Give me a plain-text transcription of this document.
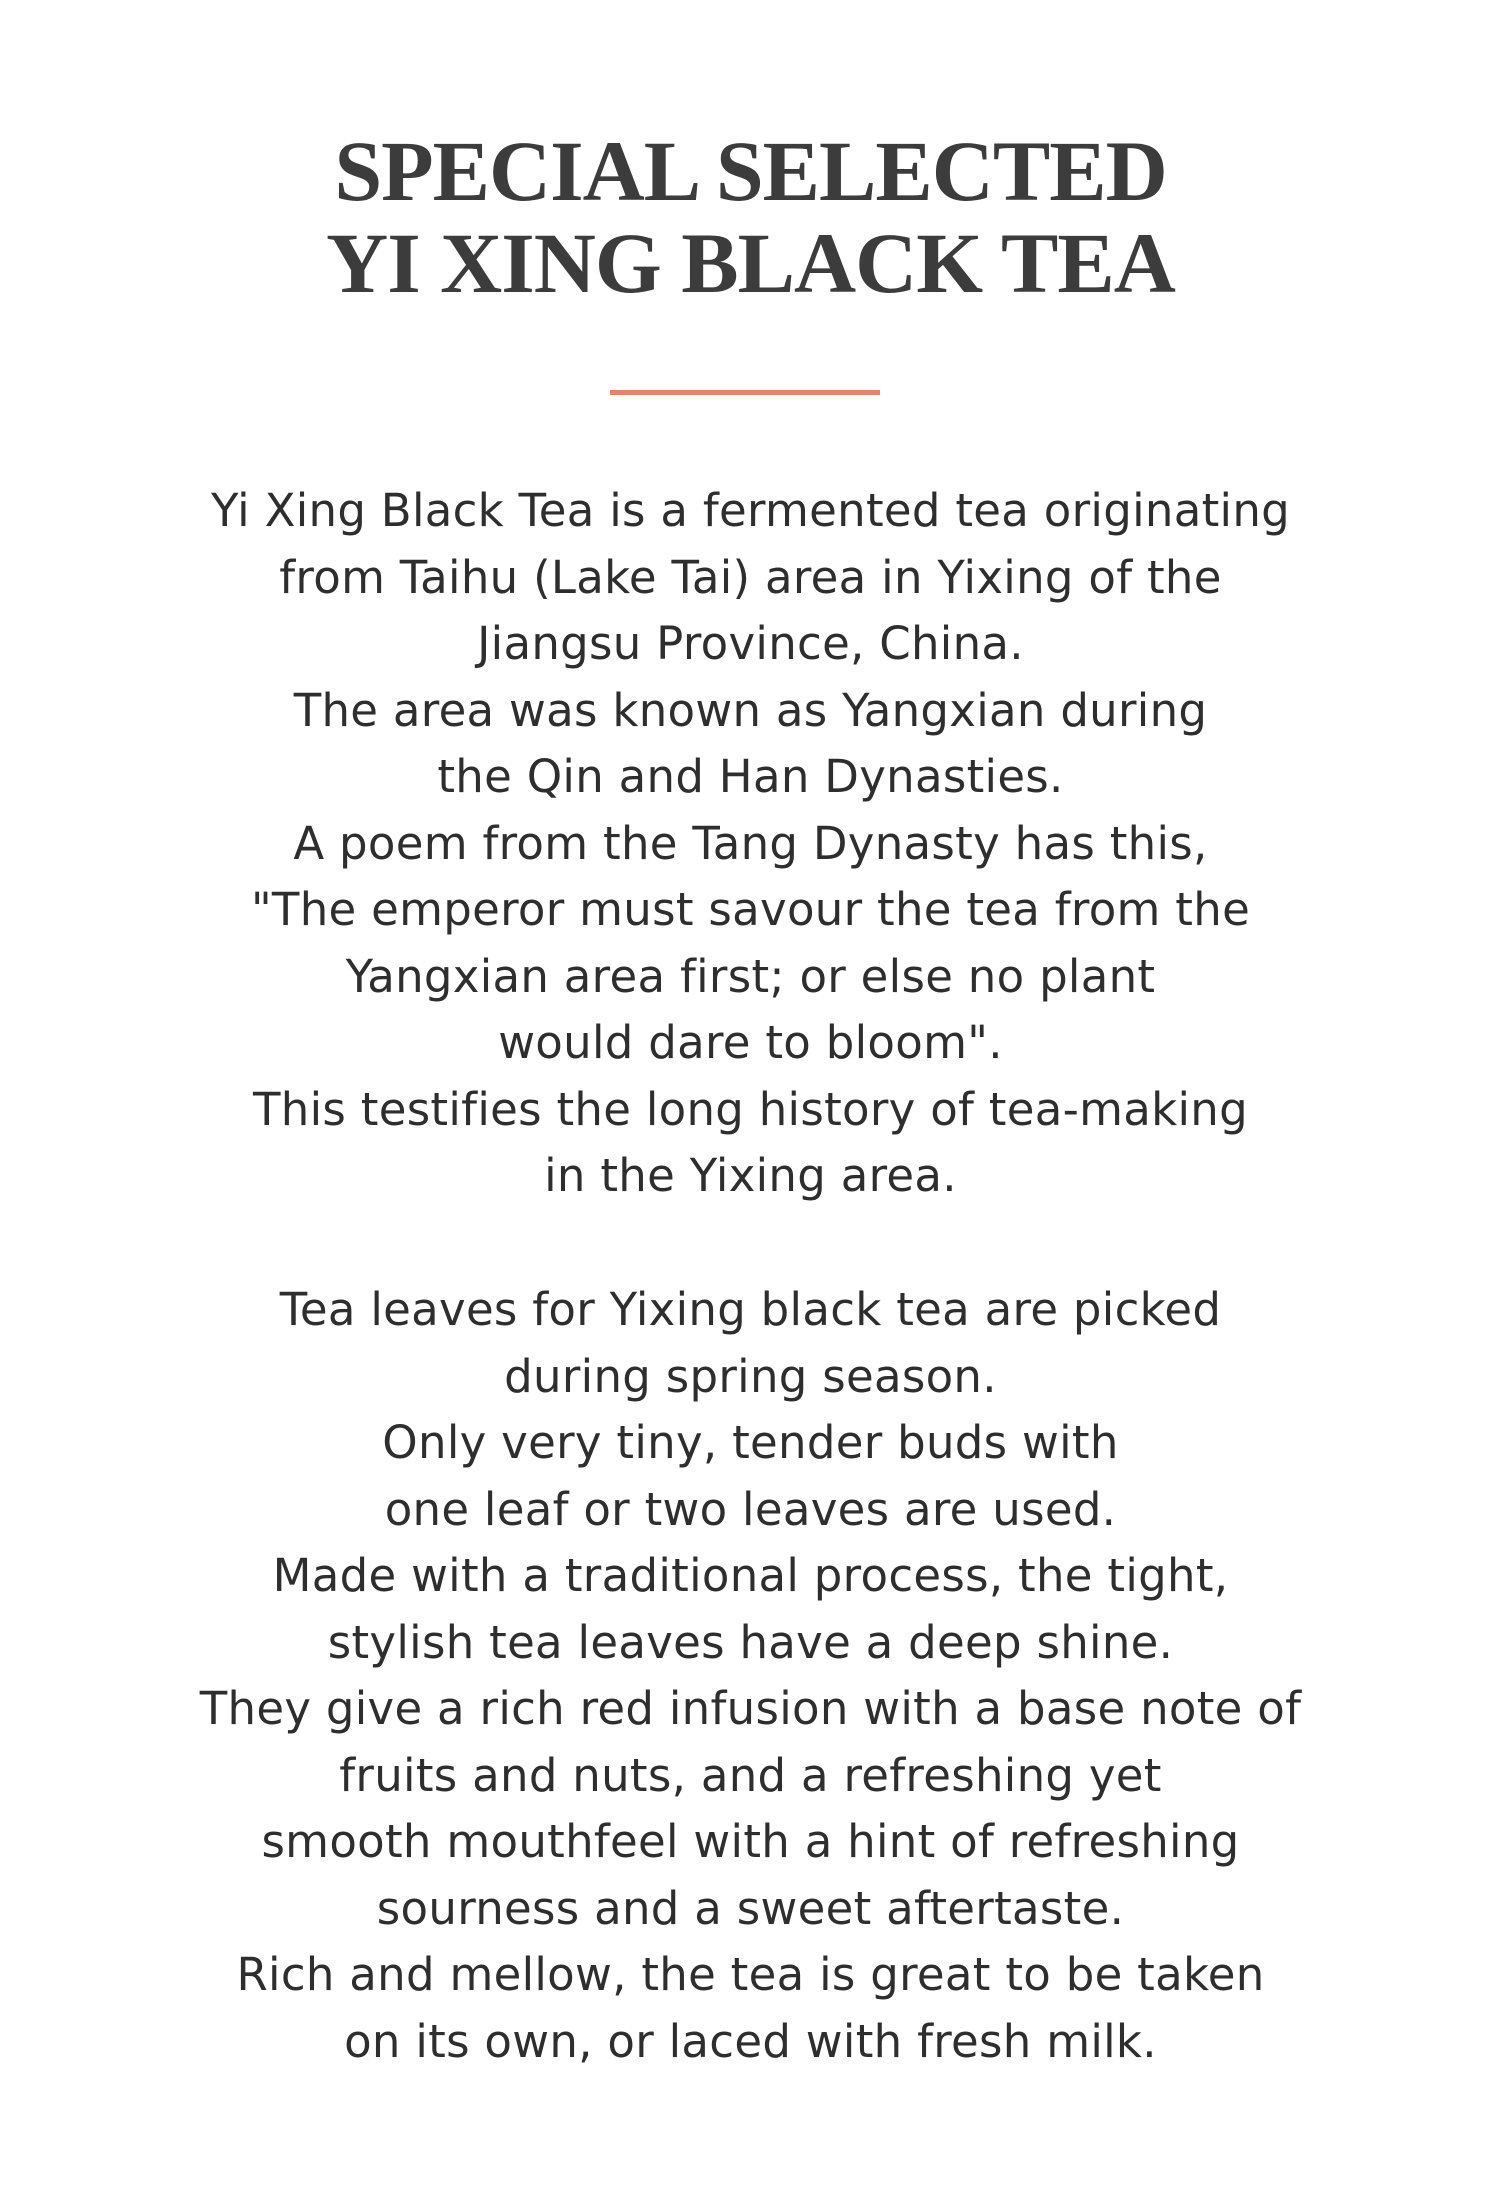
SPECIAL SELECTED
YI XING BLACK TEA

Yi Xing Black Tea is a fermented tea originating
from Taihu (Lake Tai) area in Yixing of the
Jiangsu Province, China.
The area was known as Yangxian during
the Qin and Han Dynasties.
A poem from the Tang Dynasty has this,
"The emperor must savour the tea from the
Yangxian area first; or else no plant
would dare to bloom".
This testifies the long history of tea-making
in the Yixing area.

Tea leaves for Yixing black tea are picked
during spring season.
Only very tiny, tender buds with
one leaf or two leaves are used.
Made with a traditional process, the tight,
stylish tea leaves have a deep shine.
They give a rich red infusion with a base note of
fruits and nuts, and a refreshing yet
smooth mouthfeel with a hint of refreshing
sourness and a sweet aftertaste.
Rich and mellow, the tea is great to be taken
on its own, or laced with fresh milk.
